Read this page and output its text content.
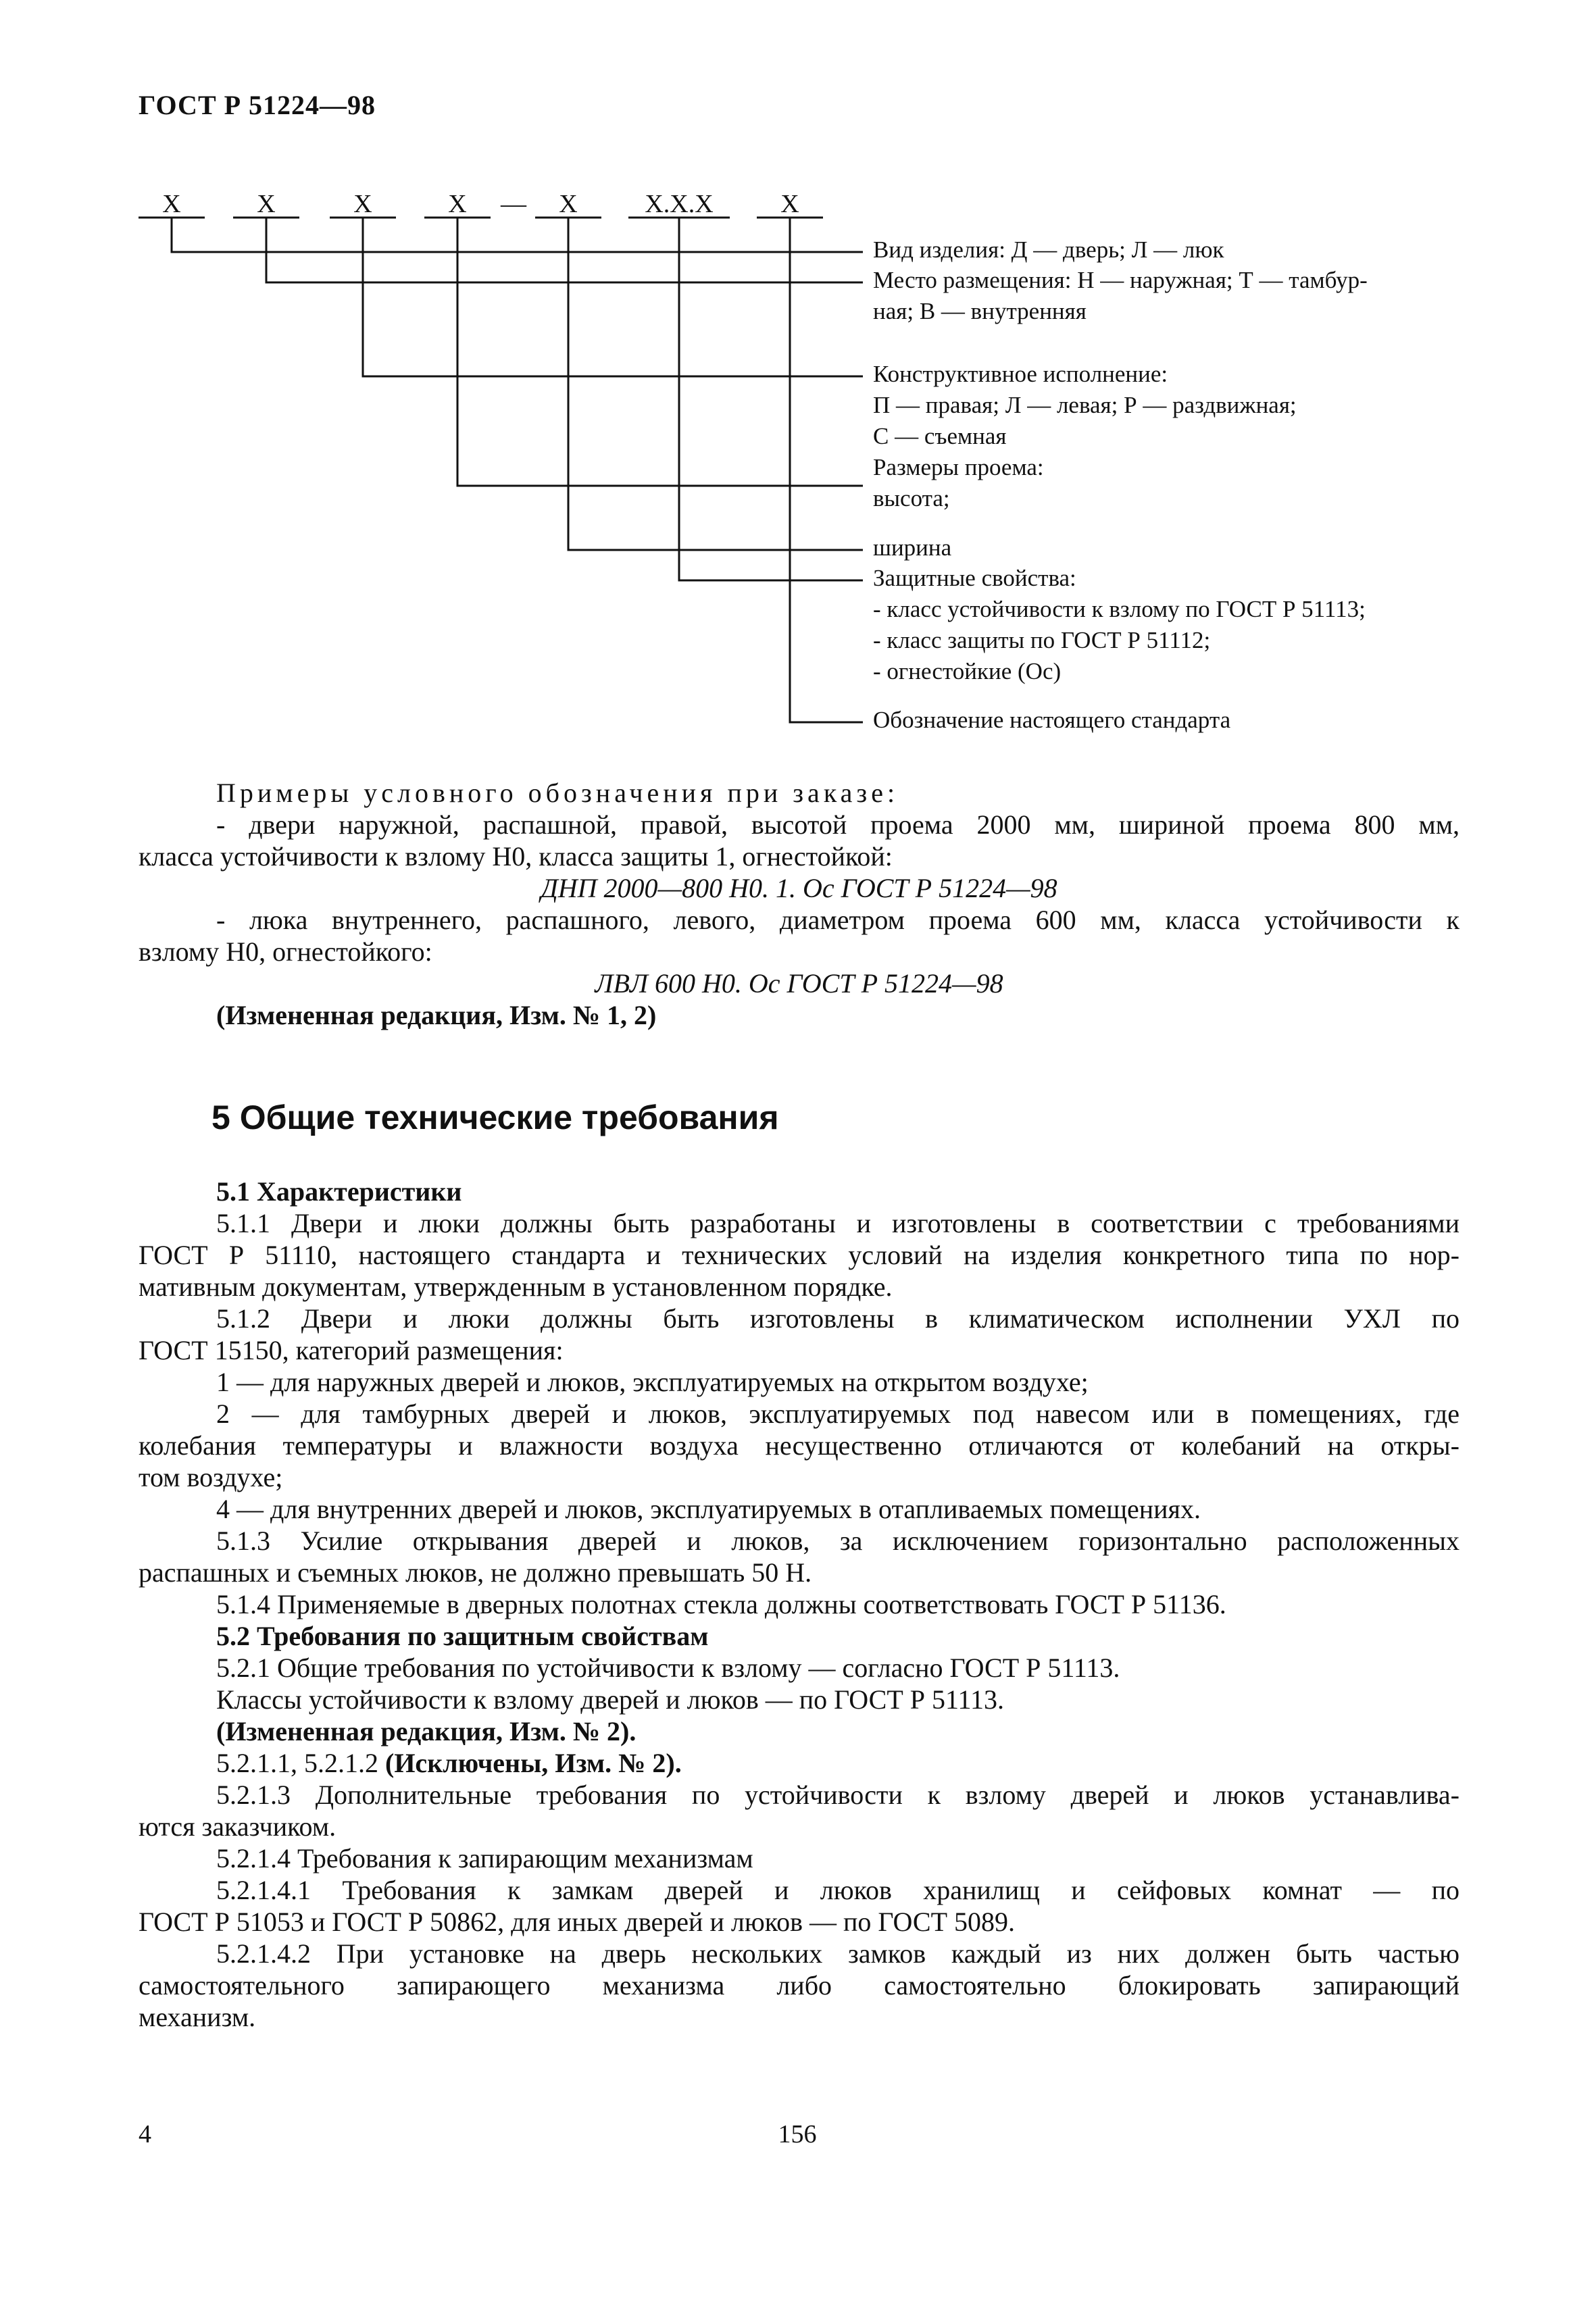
ГОСТ Р 51224—98
Х	Х	Х	Х — Х	Х.Х.Х	Х
Вид изделия: Д — дверь; Л — люк
Место размещения: Н — наружная; Т — тамбур-
ная; В — внутренняя
Конструктивное исполнение:
П — правая; Л — левая; Р — раздвижная;
С — съемная
Размеры проема:
высота;
ширина
Защитные свойства:
- класс устойчивости к взлому по ГОСТ Р 51113;
- класс защиты по ГОСТ Р 51112;
- огнестойкие (Ос)
Обозначение настоящего стандарта
Примеры условного обозначения при заказе:
- двери наружной, распашной, правой, высотой проема 2000 мм, шириной проема 800 мм,
класса устойчивости к взлому Н0, класса защиты 1, огнестойкой:
ДНП 2000—800 Н0. 1. Ос ГОСТ Р 51224—98
- люка внутреннего, распашного, левого, диаметром проема 600 мм, класса устойчивости к
взлому Н0, огнестойкого:
ЛВЛ 600 Н0. Ос ГОСТ Р 51224—98
(Измененная редакция, Изм. № 1, 2)
5 Общие технические требования
5.1 Характеристики
5.1.1 Двери и люки должны быть разработаны и изготовлены в соответствии с требованиями
ГОСТ Р 51110, настоящего стандарта и технических условий на изделия конкретного типа по нор-
мативным документам, утвержденным в установленном порядке.
5.1.2 Двери и люки должны быть изготовлены в климатическом исполнении УХЛ по
ГОСТ 15150, категорий размещения:
1 — для наружных дверей и люков, эксплуатируемых на открытом воздухе;
2 — для тамбурных дверей и люков, эксплуатируемых под навесом или в помещениях, где
колебания температуры и влажности воздуха несущественно отличаются от колебаний на откры-
том воздухе;
4 — для внутренних дверей и люков, эксплуатируемых в отапливаемых помещениях.
5.1.3 Усилие открывания дверей и люков, за исключением горизонтально расположенных
распашных и съемных люков, не должно превышать 50 Н.
5.1.4 Применяемые в дверных полотнах стекла должны соответствовать ГОСТ Р 51136.
5.2 Требования по защитным свойствам
5.2.1 Общие требования по устойчивости к взлому — согласно ГОСТ Р 51113.
Классы устойчивости к взлому дверей и люков — по ГОСТ Р 51113.
(Измененная редакция, Изм. № 2).
5.2.1.1, 5.2.1.2 (Исключены, Изм. № 2).
5.2.1.3 Дополнительные требования по устойчивости к взлому дверей и люков устанавлива-
ются заказчиком.
5.2.1.4 Требования к запирающим механизмам
5.2.1.4.1 Требования к замкам дверей и люков хранилищ и сейфовых комнат — по
ГОСТ Р 51053 и ГОСТ Р 50862, для иных дверей и люков — по ГОСТ 5089.
5.2.1.4.2 При установке на дверь нескольких замков каждый из них должен быть частью
самостоятельного запирающего механизма либо самостоятельно блокировать запирающий
механизм.
4	156
